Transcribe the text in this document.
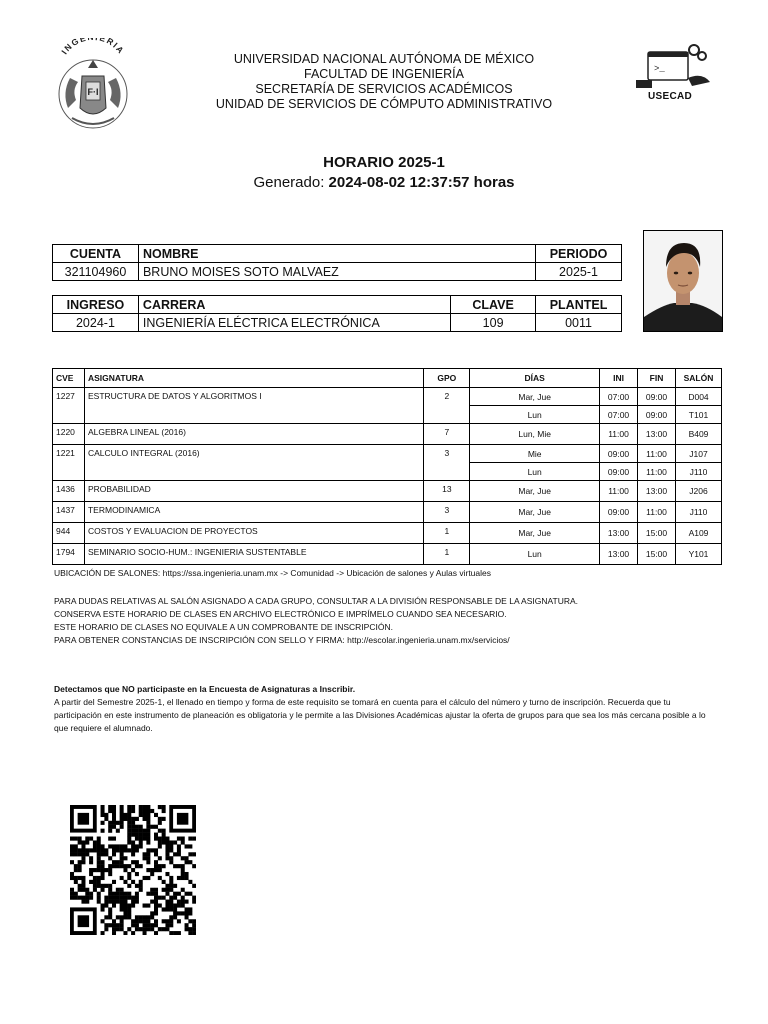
INGE ERIA
F·I
UNIVERSIDAD NACIONAL AUTÓNOMA DE MÉXICO
FACULTAD DE INGENIERÍA
SECRETARÍA DE SERVICIOS ACADÉMICOS
UNIDAD DE SERVICIOS DE CÓMPUTO ADMINISTRATIVO
>_
USECAD
HORARIO 2025-1
Generado: 2024-08-02 12:37:57 horas
CUENTA	NOMBRE	PERIODO
321104960	BRUNO MOISES SOTO MALVAEZ	2025-1
INGRESO	CARRERA	CLAVE	PLANTEL
2024-1	INGENIERÍA ELÉCTRICA ELECTRÓNICA	109	0011
CVE	ASIGNATURA	GPO	DÍAS	INI	FIN	SALÓN
1227	ESTRUCTURA DE DATOS Y ALGORITMOS I	2	Mar, Jue	07:00	09:00	D004
			Lun	07:00	09:00	T101
1220	ALGEBRA LINEAL (2016)	7	Lun, Mie	11:00	13:00	B409
1221	CALCULO INTEGRAL (2016)	3	Mie	09:00	11:00	J107
			Lun	09:00	11:00	J110
1436	PROBABILIDAD	13	Mar, Jue	11:00	13:00	J206
1437	TERMODINAMICA	3	Mar, Jue	09:00	11:00	J110
944	COSTOS Y EVALUACION DE PROYECTOS	1	Mar, Jue	13:00	15:00	A109
1794	SEMINARIO SOCIO-HUM.: INGENIERIA SUSTENTABLE	1	Lun	13:00	15:00	Y101
UBICACIÓN DE SALONES: https://ssa.ingenieria.unam.mx -> Comunidad -> Ubicación de salones y Aulas virtuales
PARA DUDAS RELATIVAS AL SALÓN ASIGNADO A CADA GRUPO, CONSULTAR A LA DIVISIÓN RESPONSABLE DE LA ASIGNATURA.
CONSERVA ESTE HORARIO DE CLASES EN ARCHIVO ELECTRÓNICO E IMPRÍMELO CUANDO SEA NECESARIO.
ESTE HORARIO DE CLASES NO EQUIVALE A UN COMPROBANTE DE INSCRIPCIÓN.
PARA OBTENER CONSTANCIAS DE INSCRIPCIÓN CON SELLO Y FIRMA: http://escolar.ingenieria.unam.mx/servicios/
Detectamos que NO participaste en la Encuesta de Asignaturas a Inscribir.
A partir del Semestre 2025-1, el llenado en tiempo y forma de este requisito se tomará en cuenta para el cálculo del número y turno de inscripción. Recuerda que tu participación en este instrumento de planeación es obligatoria y le permite a las Divisiones Académicas ajustar la oferta de grupos para que sea los más cercana posible a lo que requiere el alumnado.
